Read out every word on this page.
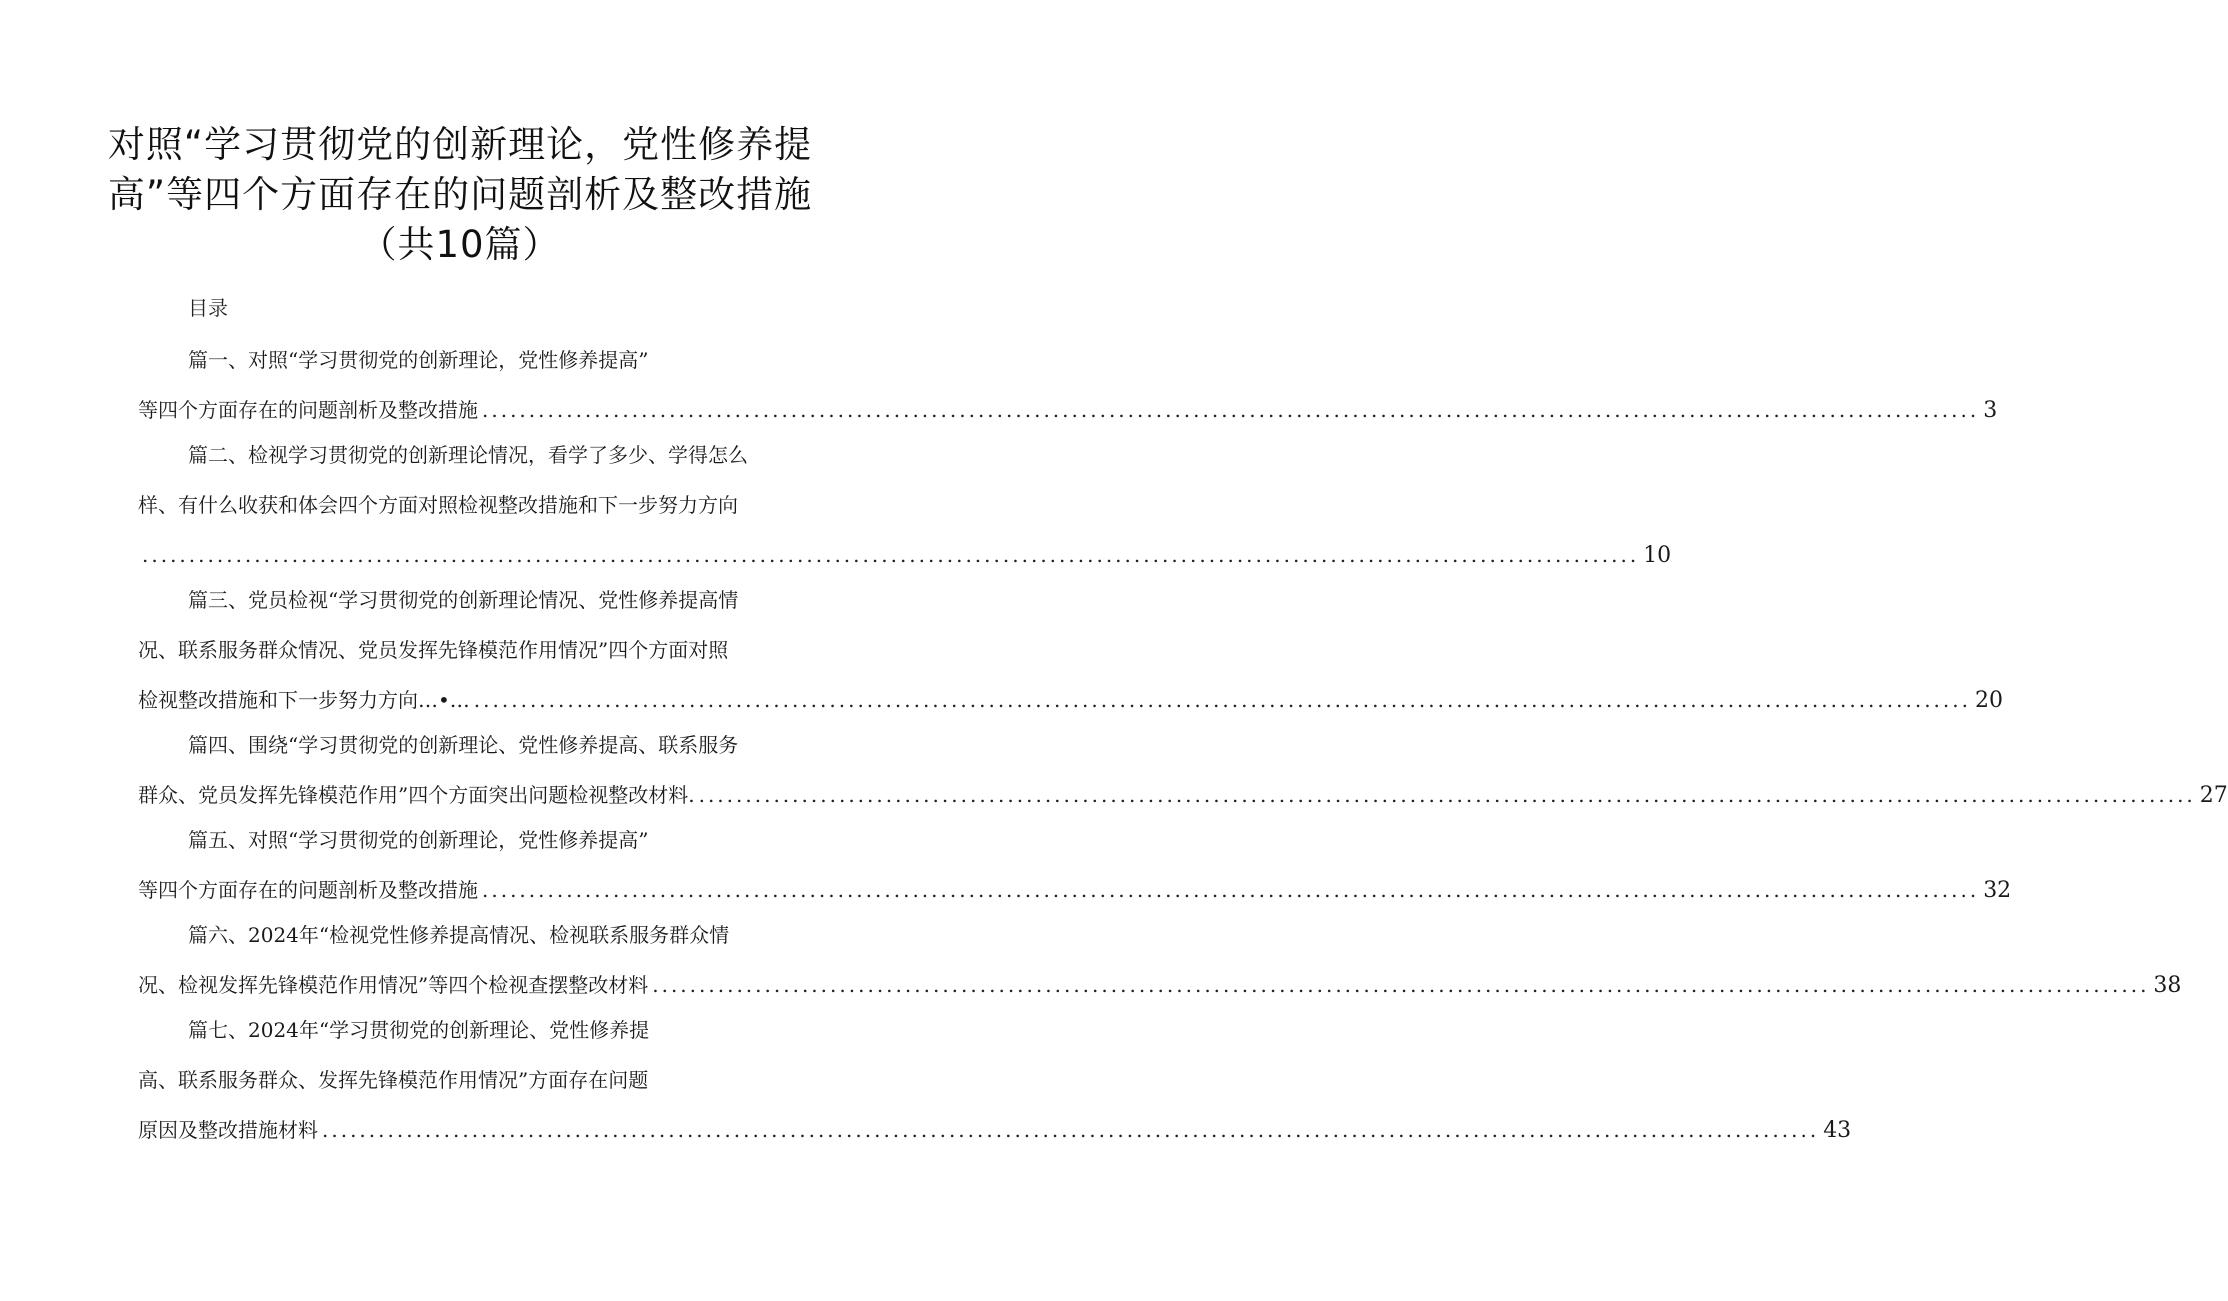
对照“学习贯彻党的创新理论，党性修养提
高”等四个方面存在的问题剖析及整改措施
（共10篇）
目录
篇一、对照“学习贯彻党的创新理论，党性修养提高”
等四个方面存在的问题剖析及整改措施 ................................................................................................................................................................ 3
篇二、检视学习贯彻党的创新理论情况，看学了多少、学得怎么
样、有什么收获和体会四个方面对照检视整改措施和下一步努力方向
................................................................................................................................................................ 10
篇三、党员检视“学习贯彻党的创新理论情况、党性修养提高情
况、联系服务群众情况、党员发挥先锋模范作用情况”四个方面对照
检视整改措施和下一步努力方向…•… ................................................................................................................................................................ 20
篇四、围绕“学习贯彻党的创新理论、党性修养提高、联系服务
群众、党员发挥先锋模范作用”四个方面突出问题检视整改材料. ................................................................................................................................................................ 27
篇五、对照“学习贯彻党的创新理论，党性修养提高”
等四个方面存在的问题剖析及整改措施 ................................................................................................................................................................ 32
篇六、2024年“检视党性修养提高情况、检视联系服务群众情
况、检视发挥先锋模范作用情况”等四个检视查摆整改材料 ................................................................................................................................................................ 38
篇七、2024年“学习贯彻党的创新理论、党性修养提
高、联系服务群众、发挥先锋模范作用情况”方面存在问题
原因及整改措施材料 ................................................................................................................................................................ 43
